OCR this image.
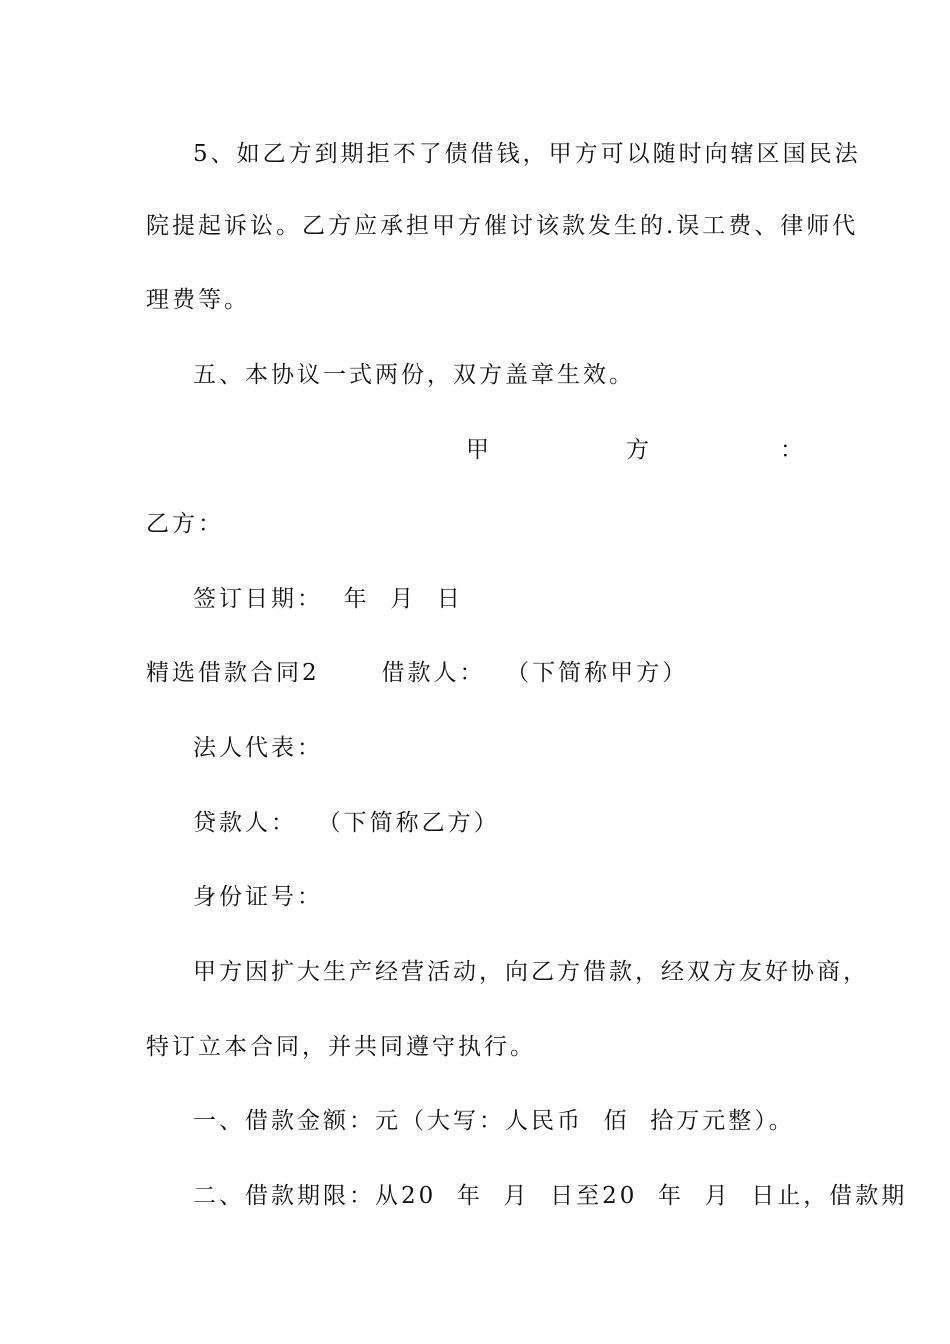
5、如乙方到期拒不了债借钱，甲方可以随时向辖区国民法
院提起诉讼。乙方应承担甲方催讨该款发生的.误工费、律师代
理费等。
五、本协议一式两份，双方盖章生效。
甲	方	：
乙方：
签订日期：  年  月  日
精选借款合同2      借款人：  （下简称甲方）
法人代表：
贷款人：  （下简称乙方）
身份证号：
甲方因扩大生产经营活动，向乙方借款，经双方友好协商，
特订立本合同，并共同遵守执行。
一、借款金额：元（大写：人民币  佰  拾万元整）。
二、借款期限：从20  年  月  日至20  年  月  日止，借款期
